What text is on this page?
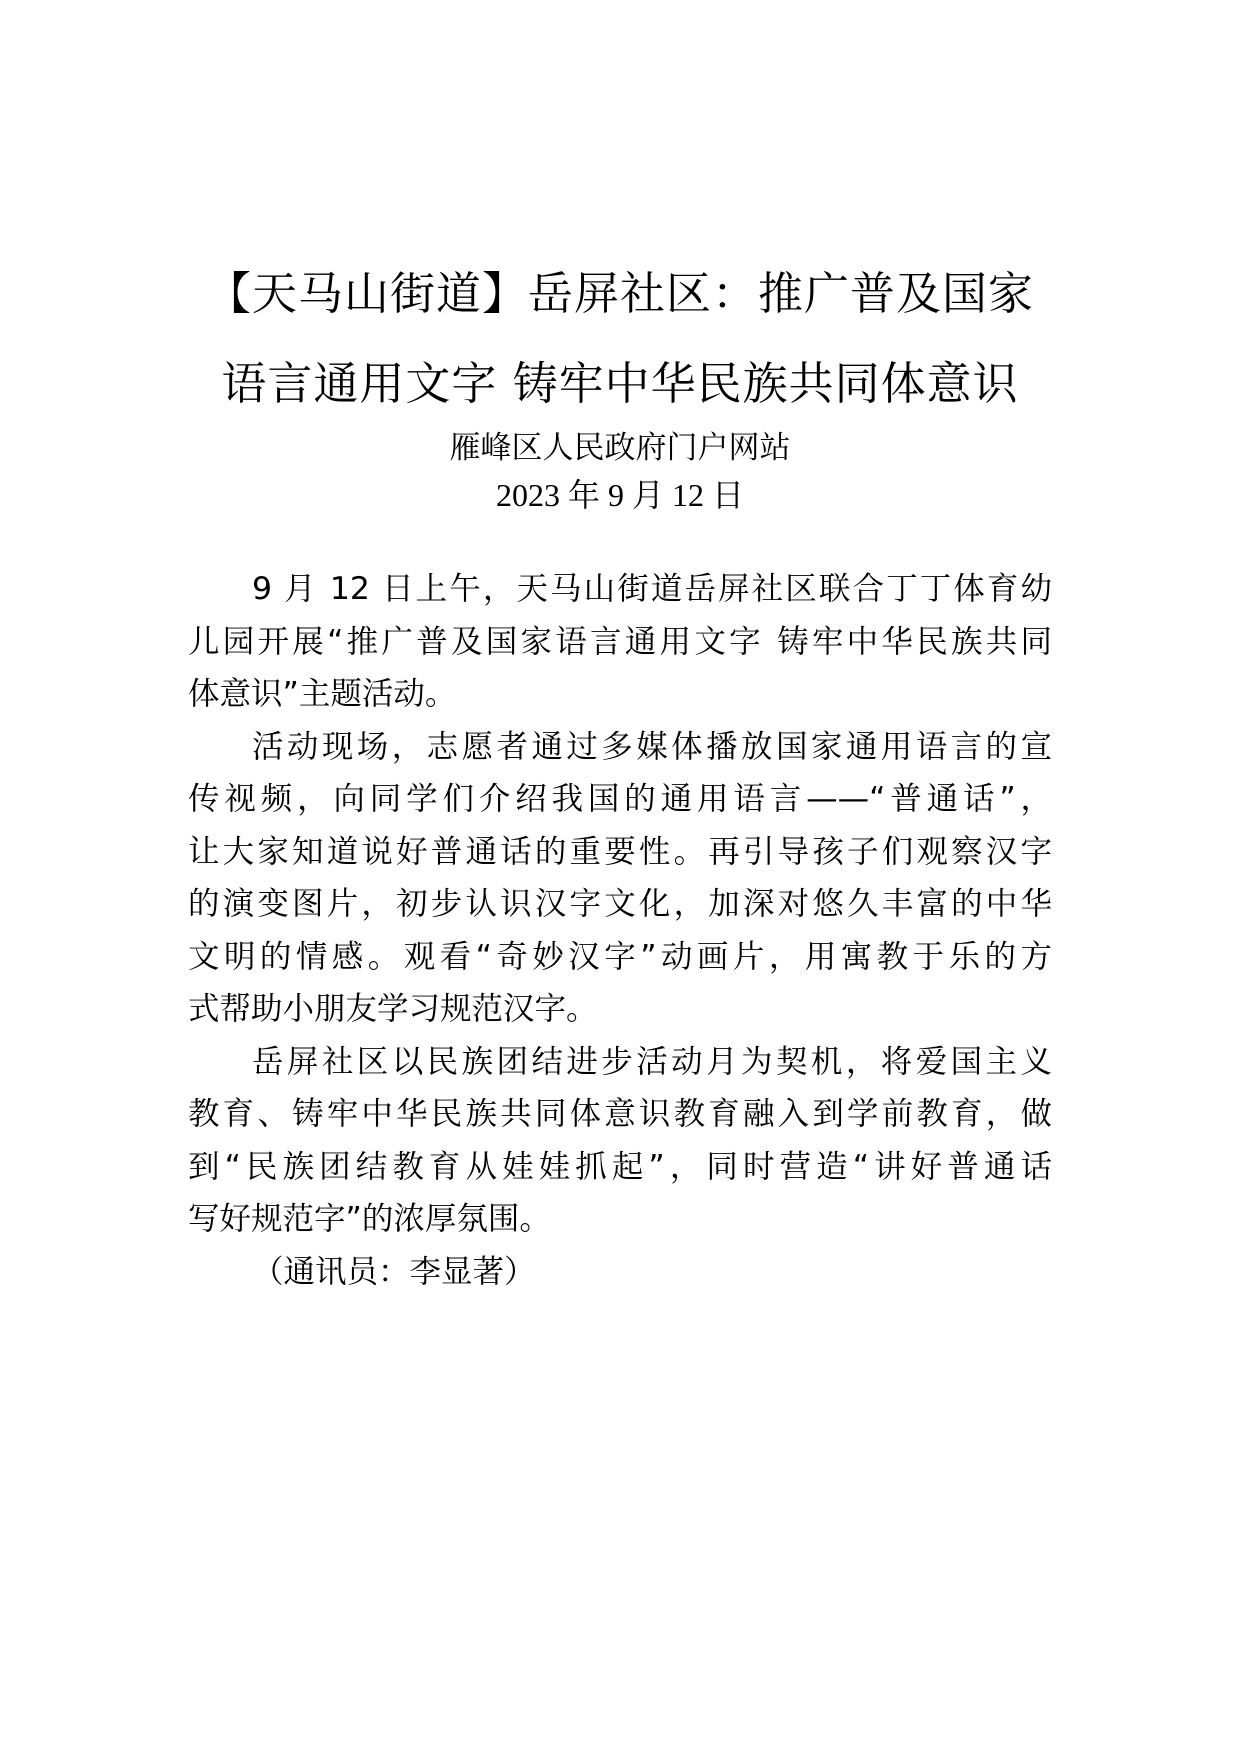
【天马山街道】岳屏社区：推广普及国家
语言通用文字 铸牢中华民族共同体意识

雁峰区人民政府门户网站

2023 年 9 月 12 日

9 月 12 日上午，天马山街道岳屏社区联合丁丁体育幼
儿园开展“推广普及国家语言通用文字 铸牢中华民族共同
体意识”主题活动。
活动现场，志愿者通过多媒体播放国家通用语言的宣
传视频，向同学们介绍我国的通用语言——“普通话”，
让大家知道说好普通话的重要性。再引导孩子们观察汉字
的演变图片，初步认识汉字文化，加深对悠久丰富的中华
文明的情感。观看“奇妙汉字”动画片，用寓教于乐的方
式帮助小朋友学习规范汉字。
岳屏社区以民族团结进步活动月为契机，将爱国主义
教育、铸牢中华民族共同体意识教育融入到学前教育，做
到“民族团结教育从娃娃抓起”，同时营造“讲好普通话
写好规范字”的浓厚氛围。
（通讯员：李显著）
